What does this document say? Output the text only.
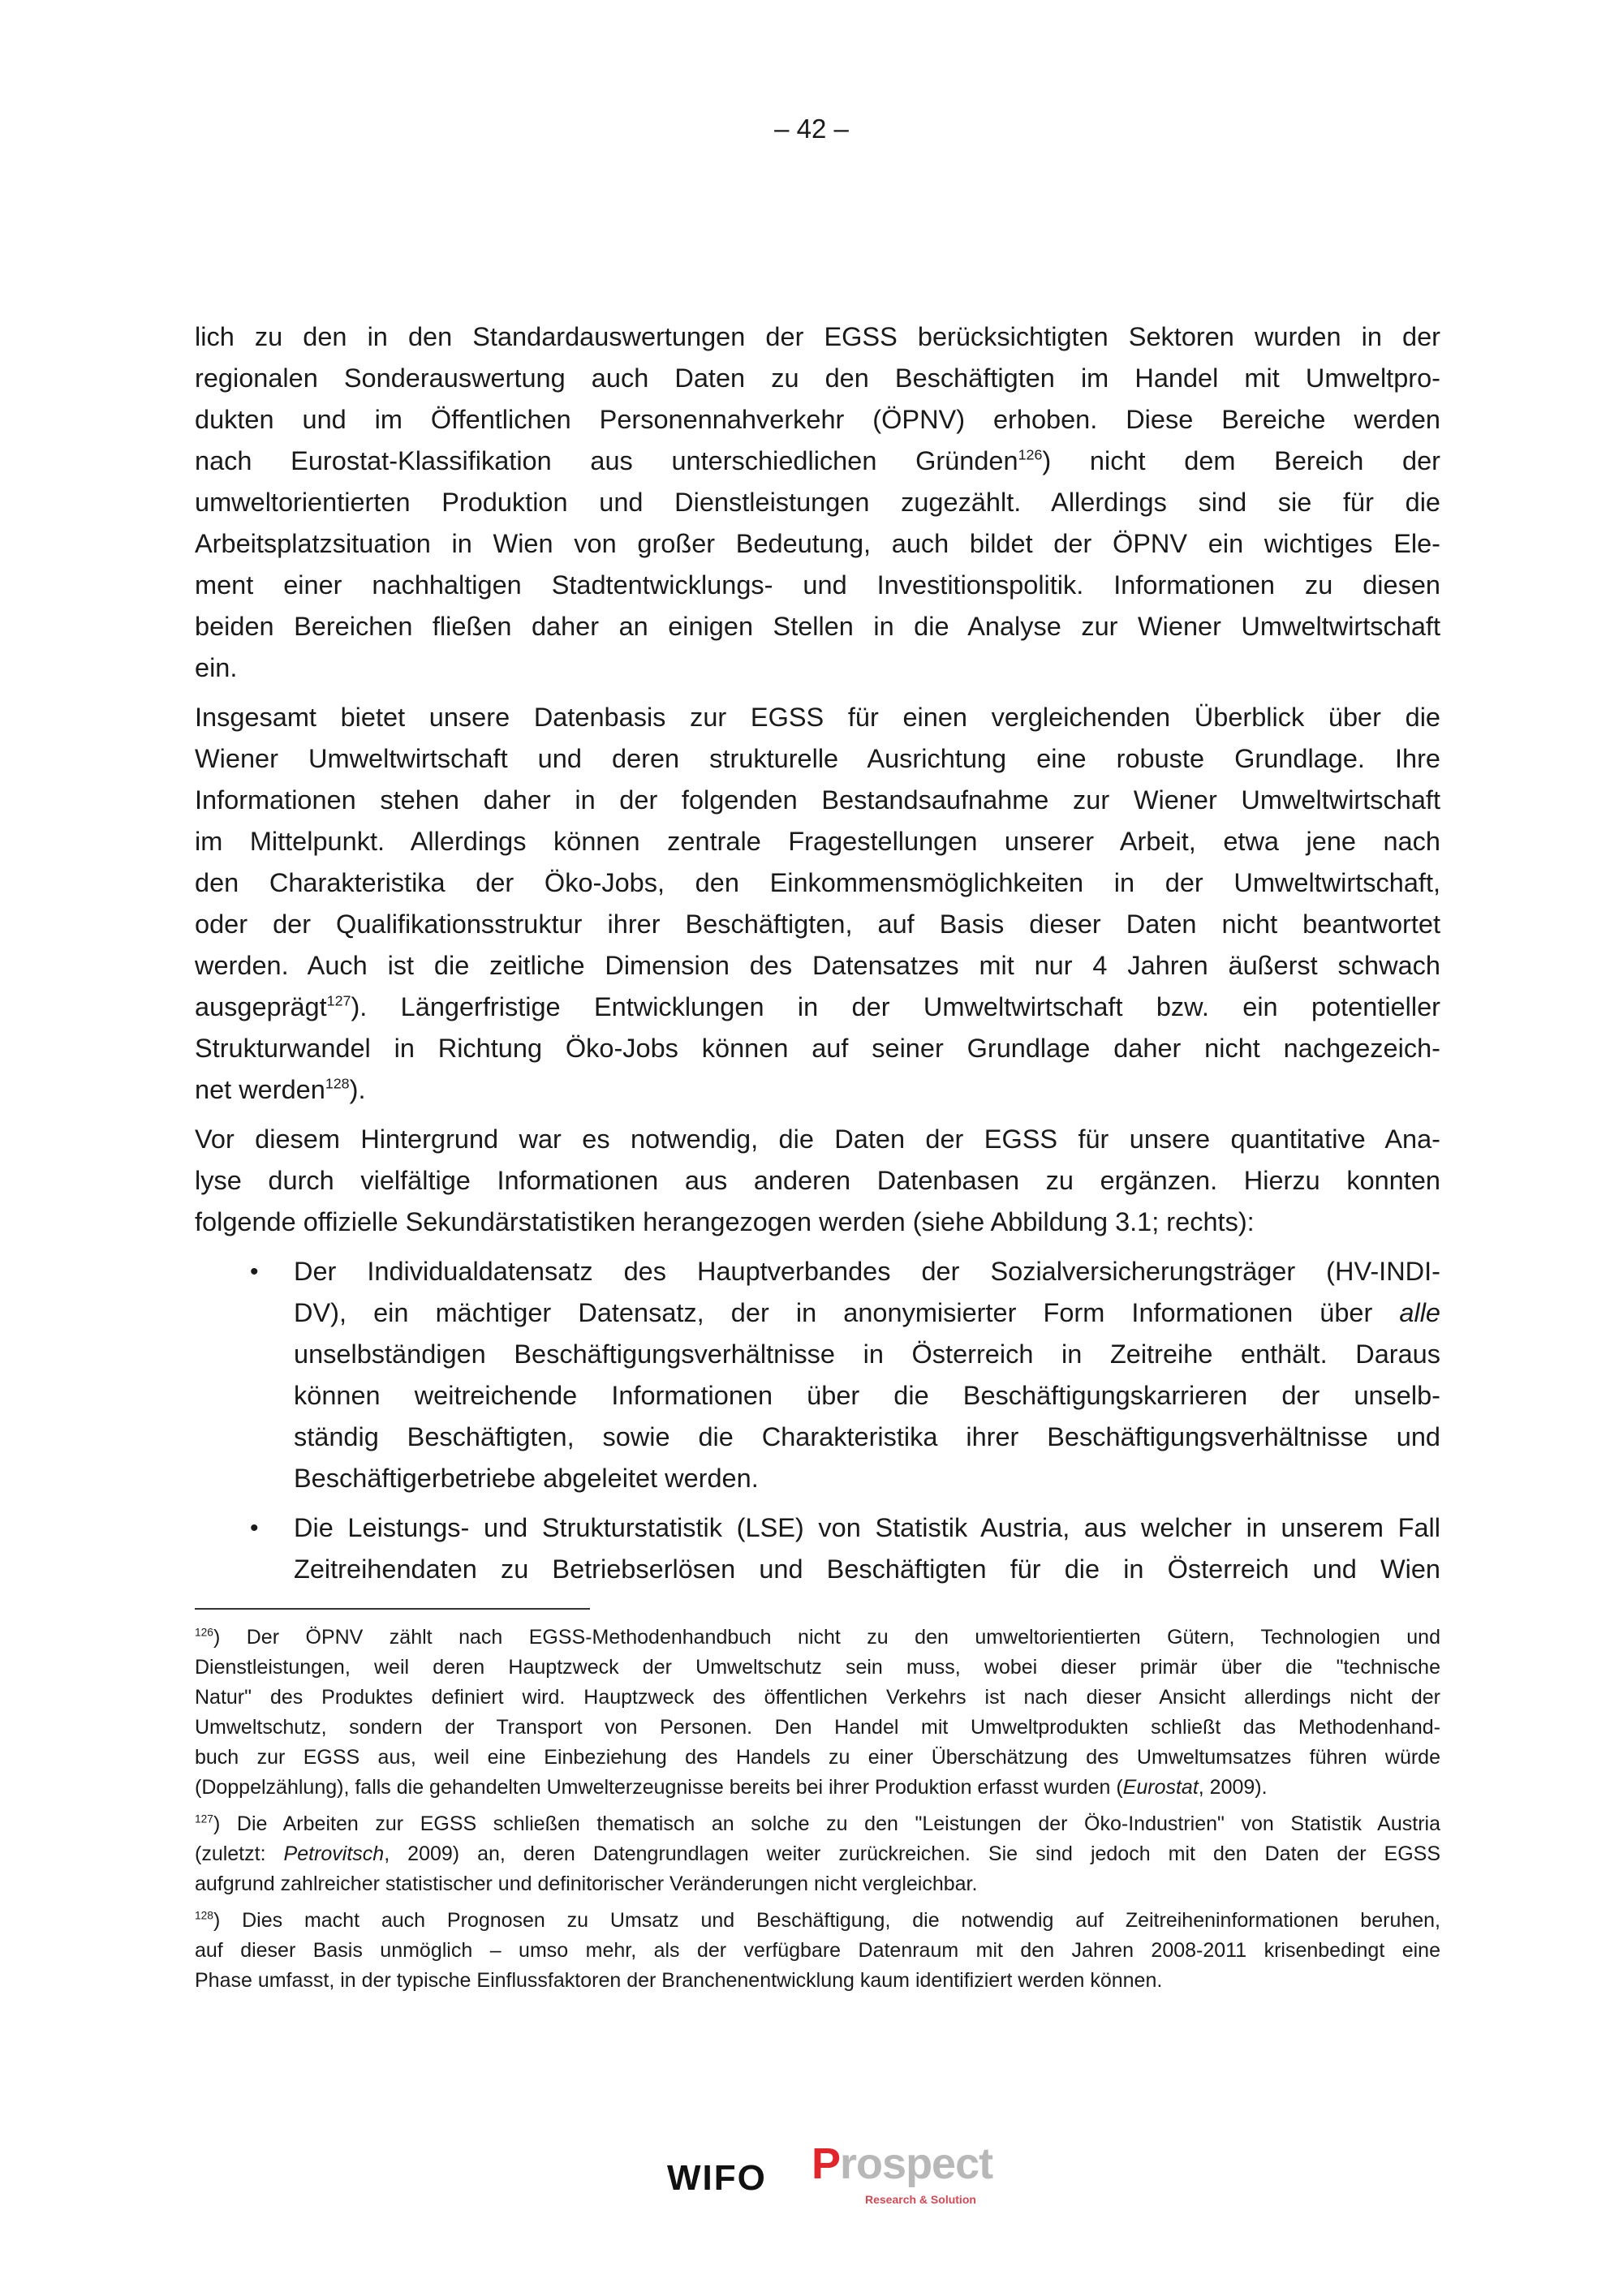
– 42 –
lich zu den in den Standardauswertungen der EGSS berücksichtigten Sektoren wurden in der
regionalen Sonderauswertung auch Daten zu den Beschäftigten im Handel mit Umweltpro-
dukten und im Öffentlichen Personennahverkehr (ÖPNV) erhoben. Diese Bereiche werden
nach Eurostat-Klassifikation aus unterschiedlichen Gründen$^{126}$) nicht dem Bereich der
umweltorientierten Produktion und Dienstleistungen zugezählt. Allerdings sind sie für die
Arbeitsplatzsituation in Wien von großer Bedeutung, auch bildet der ÖPNV ein wichtiges Ele-
ment einer nachhaltigen Stadtentwicklungs- und Investitionspolitik. Informationen zu diesen
beiden Bereichen fließen daher an einigen Stellen in die Analyse zur Wiener Umweltwirtschaft
ein.
Insgesamt bietet unsere Datenbasis zur EGSS für einen vergleichenden Überblick über die
Wiener Umweltwirtschaft und deren strukturelle Ausrichtung eine robuste Grundlage. Ihre
Informationen stehen daher in der folgenden Bestandsaufnahme zur Wiener Umweltwirtschaft
im Mittelpunkt. Allerdings können zentrale Fragestellungen unserer Arbeit, etwa jene nach
den Charakteristika der Öko-Jobs, den Einkommensmöglichkeiten in der Umweltwirtschaft,
oder der Qualifikationsstruktur ihrer Beschäftigten, auf Basis dieser Daten nicht beantwortet
werden. Auch ist die zeitliche Dimension des Datensatzes mit nur 4 Jahren äußerst schwach
ausgeprägt$^{127}$). Längerfristige Entwicklungen in der Umweltwirtschaft bzw. ein potentieller
Strukturwandel in Richtung Öko-Jobs können auf seiner Grundlage daher nicht nachgezeich-
net werden$^{128}$).
Vor diesem Hintergrund war es notwendig, die Daten der EGSS für unsere quantitative Ana-
lyse durch vielfältige Informationen aus anderen Datenbasen zu ergänzen. Hierzu konnten
folgende offizielle Sekundärstatistiken herangezogen werden (siehe Abbildung 3.1; rechts):
• Der Individualdatensatz des Hauptverbandes der Sozialversicherungsträger (HV-INDI-
DV), ein mächtiger Datensatz, der in anonymisierter Form Informationen über alle
unselbständigen Beschäftigungsverhältnisse in Österreich in Zeitreihe enthält. Daraus
können weitreichende Informationen über die Beschäftigungskarrieren der unselb-
ständig Beschäftigten, sowie die Charakteristika ihrer Beschäftigungsverhältnisse und
Beschäftigerbetriebe abgeleitet werden.
• Die Leistungs- und Strukturstatistik (LSE) von Statistik Austria, aus welcher in unserem Fall
Zeitreihendaten zu Betriebserlösen und Beschäftigten für die in Österreich und Wien
$^{126}$) Der ÖPNV zählt nach EGSS-Methodenhandbuch nicht zu den umweltorientierten Gütern, Technologien und
Dienstleistungen, weil deren Hauptzweck der Umweltschutz sein muss, wobei dieser primär über die "technische
Natur" des Produktes definiert wird. Hauptzweck des öffentlichen Verkehrs ist nach dieser Ansicht allerdings nicht der
Umweltschutz, sondern der Transport von Personen. Den Handel mit Umweltprodukten schließt das Methodenhand-
buch zur EGSS aus, weil eine Einbeziehung des Handels zu einer Überschätzung des Umweltumsatzes führen würde
(Doppelzählung), falls die gehandelten Umwelterzeugnisse bereits bei ihrer Produktion erfasst wurden (Eurostat, 2009).
$^{127}$) Die Arbeiten zur EGSS schließen thematisch an solche zu den "Leistungen der Öko-Industrien" von Statistik Austria
(zuletzt: Petrovitsch, 2009) an, deren Datengrundlagen weiter zurückreichen. Sie sind jedoch mit den Daten der EGSS
aufgrund zahlreicher statistischer und definitorischer Veränderungen nicht vergleichbar.
$^{128}$) Dies macht auch Prognosen zu Umsatz und Beschäftigung, die notwendig auf Zeitreiheninformationen beruhen,
auf dieser Basis unmöglich – umso mehr, als der verfügbare Datenraum mit den Jahren 2008-2011 krisenbedingt eine
Phase umfasst, in der typische Einflussfaktoren der Branchenentwicklung kaum identifiziert werden können.
WIFO Prospect
Research & Solution
